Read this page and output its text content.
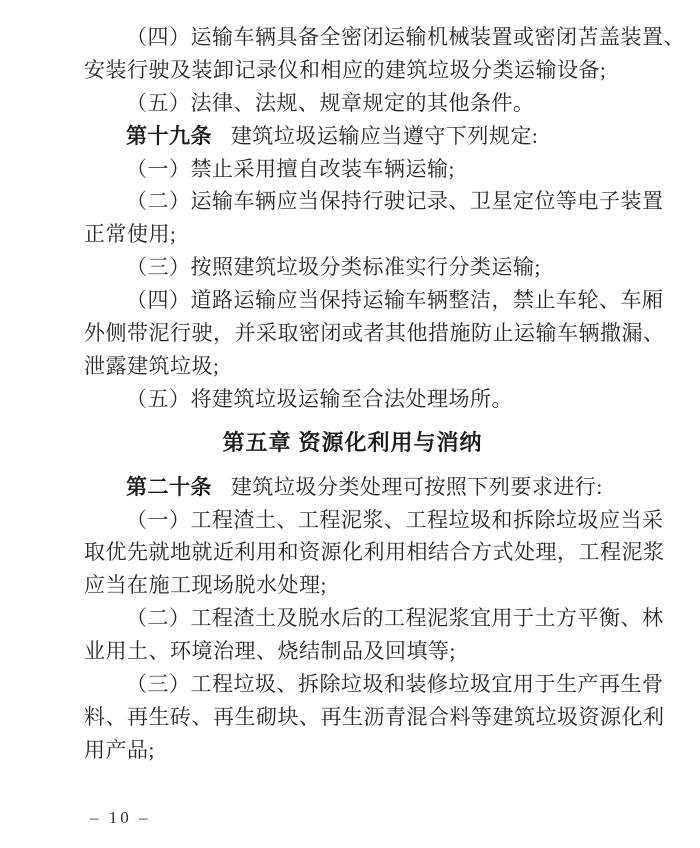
（四）运输车辆具备全密闭运输机械装置或密闭苫盖装置、
安装行驶及装卸记录仪和相应的建筑垃圾分类运输设备;
（五）法律、法规、规章规定的其他条件。
第十九条 建筑垃圾运输应当遵守下列规定:
（一）禁止采用擅自改装车辆运输;
（二）运输车辆应当保持行驶记录、卫星定位等电子装置
正常使用;
（三）按照建筑垃圾分类标准实行分类运输;
（四）道路运输应当保持运输车辆整洁，禁止车轮、车厢
外侧带泥行驶，并采取密闭或者其他措施防止运输车辆撒漏、
泄露建筑垃圾;
（五）将建筑垃圾运输至合法处理场所。
第五章 资源化利用与消纳
第二十条 建筑垃圾分类处理可按照下列要求进行:
（一）工程渣土、工程泥浆、工程垃圾和拆除垃圾应当采
取优先就地就近利用和资源化利用相结合方式处理，工程泥浆
应当在施工现场脱水处理;
（二）工程渣土及脱水后的工程泥浆宜用于土方平衡、林
业用土、环境治理、烧结制品及回填等;
（三）工程垃圾、拆除垃圾和装修垃圾宜用于生产再生骨
料、再生砖、再生砌块、再生沥青混合料等建筑垃圾资源化利
用产品;
– 10 –
